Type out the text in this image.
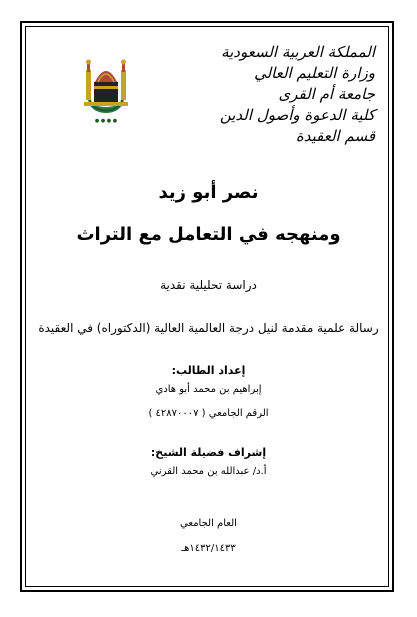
● ● ● ●
المملكة العربية السعودية
وزارة التعليم العالي
جامعة أم القرى
كلية الدعوة وأصول الدين
قسم العقيدة
نصر أبو زيد
ومنهجه في التعامل مع التراث
دراسة تحليلية نقدية
رسالة علمية مقدمة لنيل درجة العالمية العالية (الدكتوراه) في العقيدة
إعداد الطالب:
إبراهيم بن محمد أبو هادي
الرقم الجامعي ( ٤٢٨٧٠٠٠٧ )
إشراف فضيلة الشيخ:
أ.د/ عبدالله بن محمد القرني
العام الجامعي
١٤٣٢/١٤٣٣هـ
